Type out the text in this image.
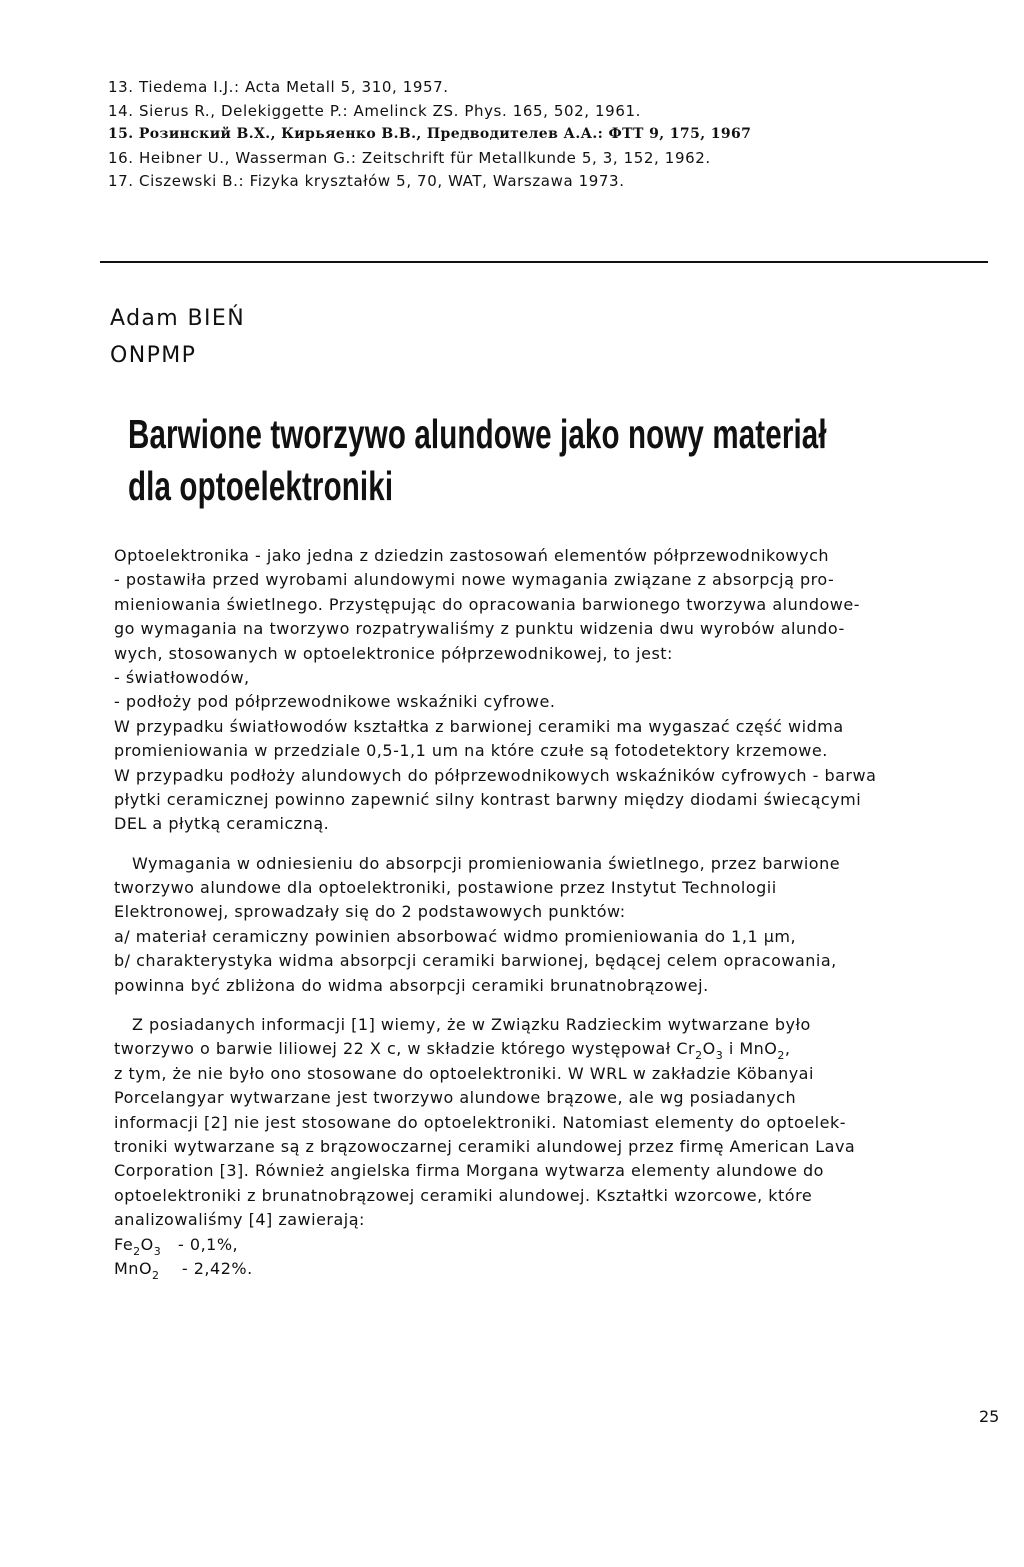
13. Tiedema I.J.: Acta Metall 5, 310, 1957.
14. Sierus R., Delekiggette P.: Amelinck ZS. Phys. 165, 502, 1961.
15. Розинский В.Х., Кирьяенко В.В., Предводителев А.А.: ФТТ 9, 175, 1967
16. Heibner U., Wasserman G.: Zeitschrift für Metallkunde 5, 3, 152, 1962.
17. Ciszewski B.: Fizyka kryształów 5, 70, WAT, Warszawa 1973.
Adam BIEŃ
ONPMP
Barwione tworzywo alundowe jako nowy materiał
dla optoelektroniki
Optoelektronika - jako jedna z dziedzin zastosowań elementów półprzewodnikowych
- postawiła przed wyrobami alundowymi nowe wymagania związane z absorpcją pro-
mieniowania świetlnego. Przystępując do opracowania barwionego tworzywa alundowe-
go wymagania na tworzywo rozpatrywaliśmy z punktu widzenia dwu wyrobów alundo-
wych, stosowanych w optoelektronice półprzewodnikowej, to jest:
- światłowodów,
- podłoży pod półprzewodnikowe wskaźniki cyfrowe.
W przypadku światłowodów kształtka z barwionej ceramiki ma wygaszać część widma
promieniowania w przedziale 0,5-1,1 um na które czułe są fotodetektory krzemowe.
W przypadku podłoży alundowych do półprzewodnikowych wskaźników cyfrowych - barwa
płytki ceramicznej powinno zapewnić silny kontrast barwny między diodami świecącymi
DEL a płytką ceramiczną.
Wymagania w odniesieniu do absorpcji promieniowania świetlnego, przez barwione
tworzywo alundowe dla optoelektroniki, postawione przez Instytut Technologii
Elektronowej, sprowadzały się do 2 podstawowych punktów:
a/ materiał ceramiczny powinien absorbować widmo promieniowania do 1,1 µm,
b/ charakterystyka widma absorpcji ceramiki barwionej, będącej celem opracowania,
powinna być zbliżona do widma absorpcji ceramiki brunatnobrązowej.
Z posiadanych informacji [1] wiemy, że w Związku Radzieckim wytwarzane było
tworzywo o barwie liliowej 22 X c, w składzie którego występował $Cr_2O_3$ i MnO$_2$,
z tym, że nie było ono stosowane do optoelektroniki. W WRL w zakładzie Köbanyai
Porcelangyar wytwarzane jest tworzywo alundowe brązowe, ale wg posiadanych
informacji [2] nie jest stosowane do optoelektroniki. Natomiast elementy do optoelek-
troniki wytwarzane są z brązowoczarnej ceramiki alundowej przez firmę American Lava
Corporation [3]. Również angielska firma Morgana wytwarza elementy alundowe do
optoelektroniki z brunatnobrązowej ceramiki alundowej. Kształtki wzorcowe, które
analizowaliśmy [4] zawierają:
$Fe_2O_3 - 0,1\%$,
MnO$_2$ - 2,42%.
25
